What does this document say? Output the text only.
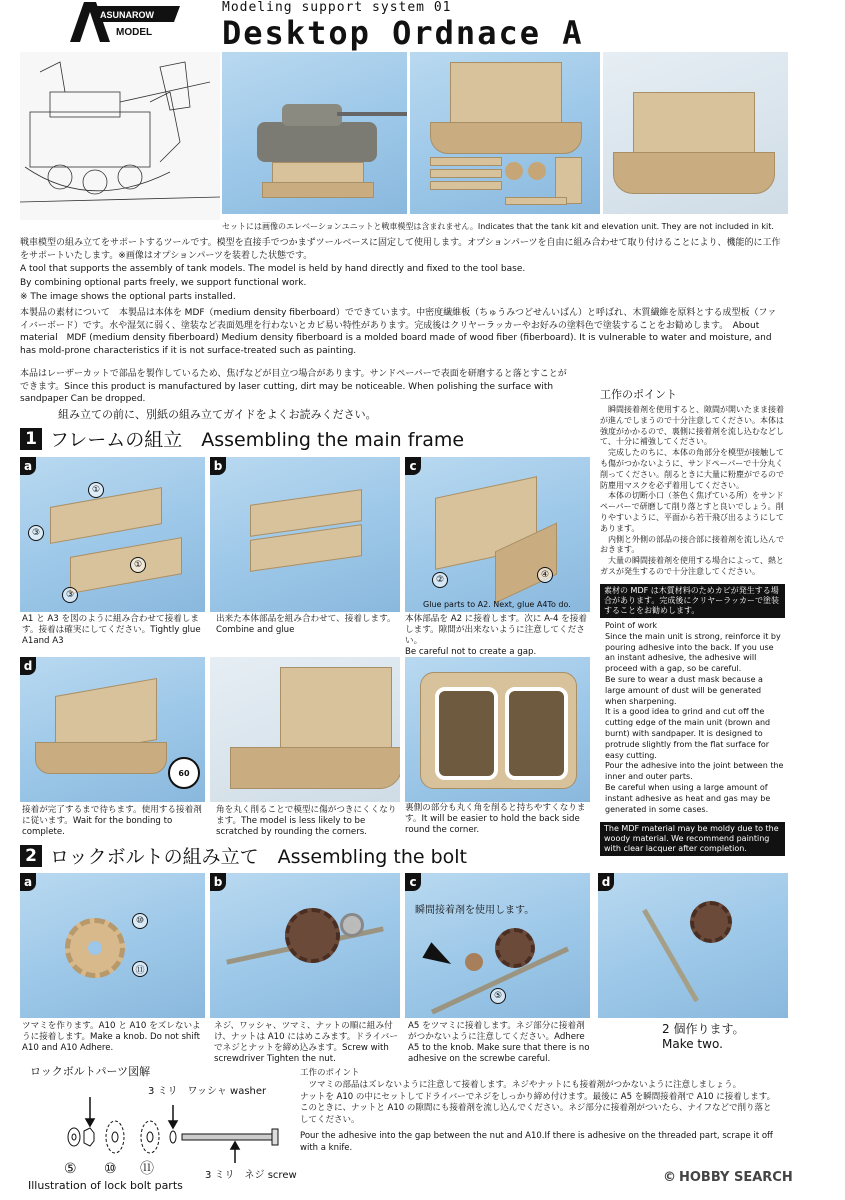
ASUNAROW
MODEL
Modeling support system 01
Desktop Ordnace A
セットには画像のエレベーションユニットと戦車模型は含まれません。Indicates that the tank kit and elevation unit. They are not included in kit.
戦車模型の組み立てをサポートするツールです。模型を直接手でつかまずツールベースに固定して使用します。オプションパーツを自由に組み合わせて取り付けることにより、機能的に工作をサポートいたします。※画像はオプションパーツを装着した状態です。
A tool that supports the assembly of tank models. The model is held by hand directly and fixed to the tool base.
By combining optional parts freely, we support functional work.
※ The image shows the optional parts installed.
本製品の素材について　本製品は本体を MDF（medium density fiberboard）でできています。中密度繊維板（ちゅうみつどせんいばん）と呼ばれ、木質繊維を原料とする成型板（ファイバーボード）です。水や湿気に弱く、塗装など表面処理を行わないとカビ易い特性があります。完成後はクリヤーラッカーやお好みの塗料色で塗装することをお勧めします。　About material　MDF (medium density fiberboard) Medium density fiberboard is a molded board made of wood fiber (fiberboard). It is vulnerable to water and moisture, and has mold-prone characteristics if it is not surface-treated such as painting.
本品はレーザーカットで部品を製作しているため、焦げなどが目立つ場合があります。サンドペーパーで表面を研磨すると落とすことができます。Since this product is manufactured by laser cutting, dirt may be noticeable. When polishing the surface with sandpaper Can be dropped.
組み立ての前に、別紙の組み立てガイドをよくお読みください。
工作のポイント
　瞬間接着剤を使用すると、隙間が開いたまま接着が進んでしまうので十分注意してください。本体は強度がかかるので、裏側に接着剤を流し込むなどして、十分に補強してください。
　完成したのちに、本体の角部分を模型が接触しても傷がつかないように、サンドペーパーで十分丸く削ってください。削るときに大量に粉塵がでるので防塵用マスクを必ず着用してください。
　本体の切断小口（茶色く焦げている所）をサンドペーパーで研磨して削り落とすと良いでしょう。削りやすいように、平面から若干飛び出るようにしてあります。
　内側と外側の部品の接合部に接着剤を流し込んでおきます。
　大量の瞬間接着剤を使用する場合によって、熱とガスが発生するので十分注意してください。
素材の MDF は木質材料のためカビが発生する場合があります。完成後にクリヤーラッカーで塗装することをお勧めします。
Point of work
Since the main unit is strong, reinforce it by pouring adhesive into the back. If you use an instant adhesive, the adhesive will proceed with a gap, so be careful.
Be sure to wear a dust mask because a large amount of dust will be generated when sharpening.
It is a good idea to grind and cut off the cutting edge of the main unit (brown and burnt) with sandpaper. It is designed to protrude slightly from the flat surface for easy cutting.
Pour the adhesive into the joint between the inner and outer parts.
Be careful when using a large amount of instant adhesive as heat and gas may be generated in some cases.
The MDF material may be moldy due to the woody material. We recommend painting with clear lacquer after completion.
1 フレームの組立　Assembling the main frame
①
①
③
③
a	b
②	④
Glue parts to A2. Next, glue A4To do.
c
A1 と A3 を図のように組み合わせて接着します。接着は確実にしてください。Tightly glue A1and A3
出来た本体部品を組み合わせて、接着します。
Combine and glue
本体部品を A2 に接着します。次に A-4 を接着します。隙間が出来ないように注意してください。
Be careful not to create a gap.
60
d
接着が完了するまで待ちます。使用する接着剤に従います。Wait for the bonding to complete.
角を丸く削ることで模型に傷がつきにくくなります。The model is less likely to be scratched by rounding the corners.
裏側の部分も丸く角を削ると持ちやすくなります。It will be easier to hold the back side round the corner.
2 ロックボルトの組み立て　Assembling the bolt
⑩
⑪
a	b
瞬間接着剤を使用します。
⑤
c	d
ツマミを作ります。A10 と A10 をズレないように接着します。Make a knob. Do not shift A10 and A10 Adhere.
ネジ、ワッシャ、ツマミ、ナットの順に組み付け、ナットは A10 にはめこみます。ドライバーでネジとナットを締め込みます。Screw with screwdriver Tighten the nut.
A5 をツマミに接着します。ネジ部分に接着剤がつかないように注意してください。Adhere A5 to the knob. Make sure that there is no adhesive on the screwbe careful.
2 個作ります。
Make two.
ロックボルトパーツ図解
3 ミリ　ワッシャ washer
⑤ ⑩ ⑪	3 ミリ　ネジ screw
Illustration of lock bolt parts
工作のポイント
　ツマミの部品はズレないように注意して接着します。ネジやナットにも接着剤がつかないように注意しましょう。
ナットを A10 の中にセットしてドライバーでネジをしっかり締め付けます。最後に A5 を瞬間接着剤で A10 に接着します。このときに、ナットと A10 の隙間にも接着剤を流し込んでください。ネジ部分に接着剤がついたら、ナイフなどで削り落としてください。
Pour the adhesive into the gap between the nut and A10.If there is adhesive on the threaded part, scrape it off with a knife.
© HOBBY SEARCH
